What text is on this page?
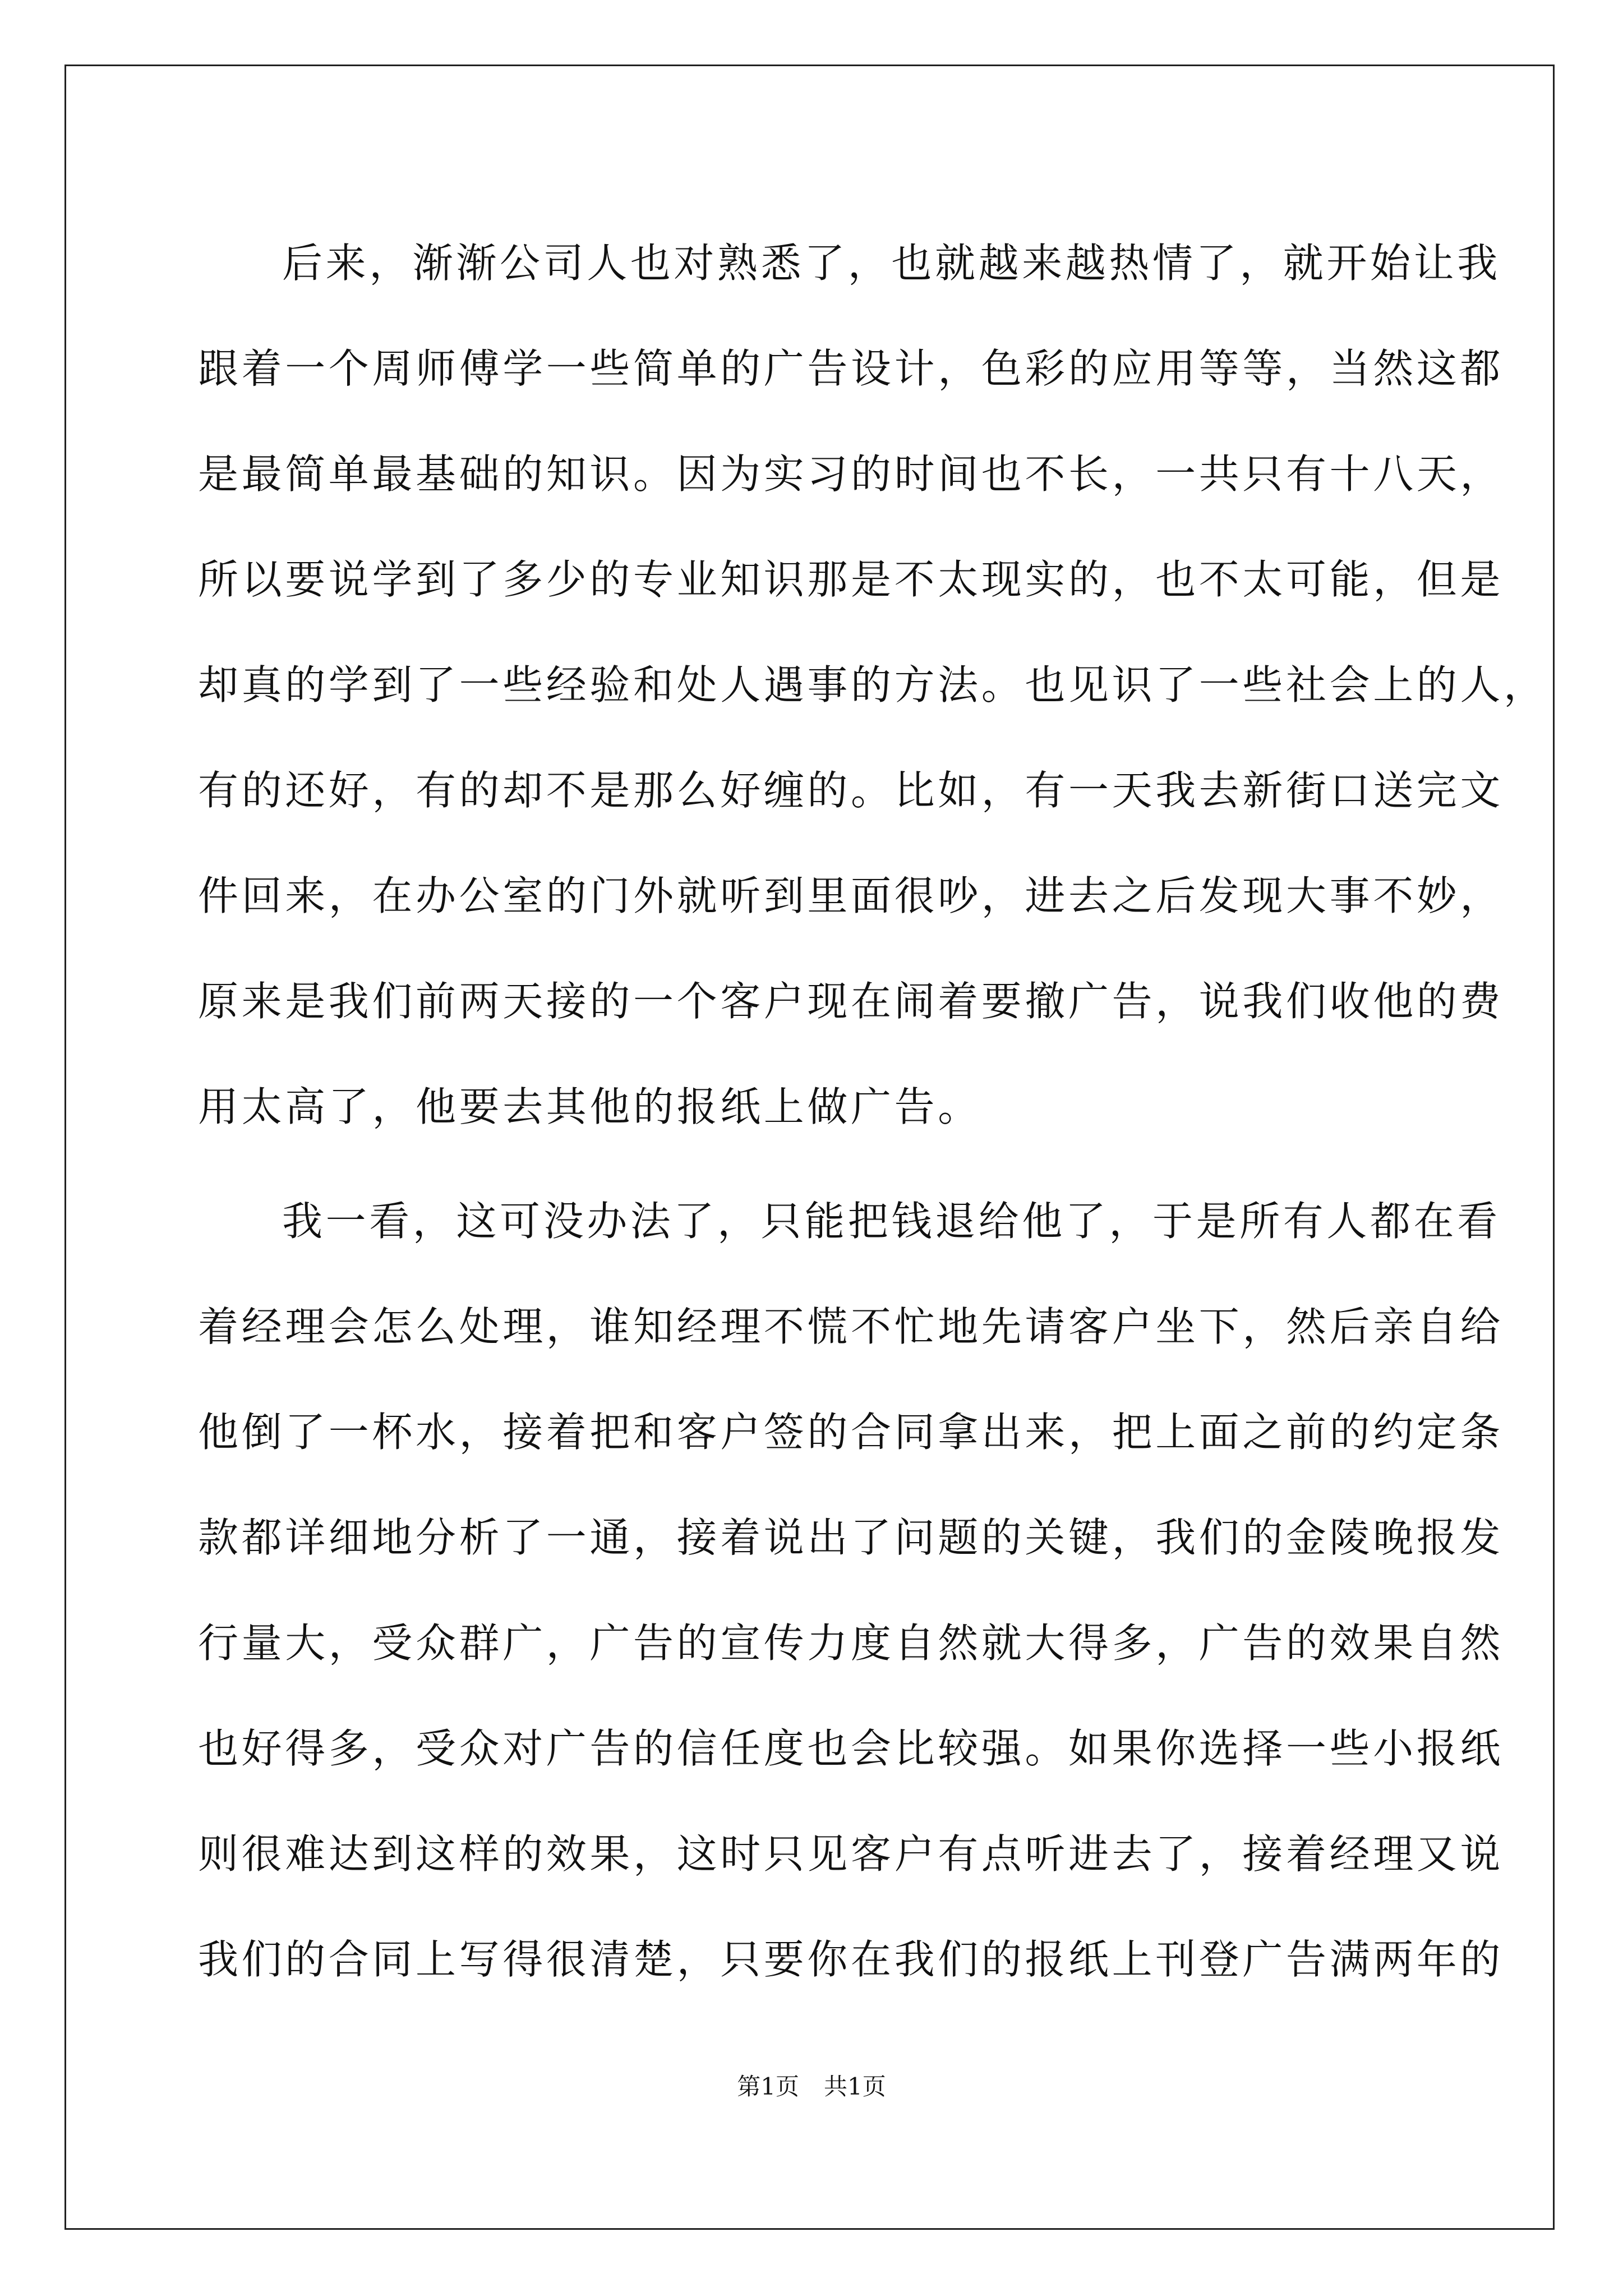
后来，渐渐公司人也对熟悉了，也就越来越热情了，就开始让我
跟着一个周师傅学一些简单的广告设计，色彩的应用等等，当然这都
是最简单最基础的知识。因为实习的时间也不长，一共只有十八天，
所以要说学到了多少的专业知识那是不太现实的，也不太可能，但是
却真的学到了一些经验和处人遇事的方法。也见识了一些社会上的人，
有的还好，有的却不是那么好缠的。比如，有一天我去新街口送完文
件回来，在办公室的门外就听到里面很吵，进去之后发现大事不妙，
原来是我们前两天接的一个客户现在闹着要撤广告，说我们收他的费
用太高了，他要去其他的报纸上做广告。
我一看，这可没办法了，只能把钱退给他了，于是所有人都在看
着经理会怎么处理，谁知经理不慌不忙地先请客户坐下，然后亲自给
他倒了一杯水，接着把和客户签的合同拿出来，把上面之前的约定条
款都详细地分析了一通，接着说出了问题的关键，我们的金陵晚报发
行量大，受众群广，广告的宣传力度自然就大得多，广告的效果自然
也好得多，受众对广告的信任度也会比较强。如果你选择一些小报纸
则很难达到这样的效果，这时只见客户有点听进去了，接着经理又说
我们的合同上写得很清楚，只要你在我们的报纸上刊登广告满两年的
第1页 共1页
